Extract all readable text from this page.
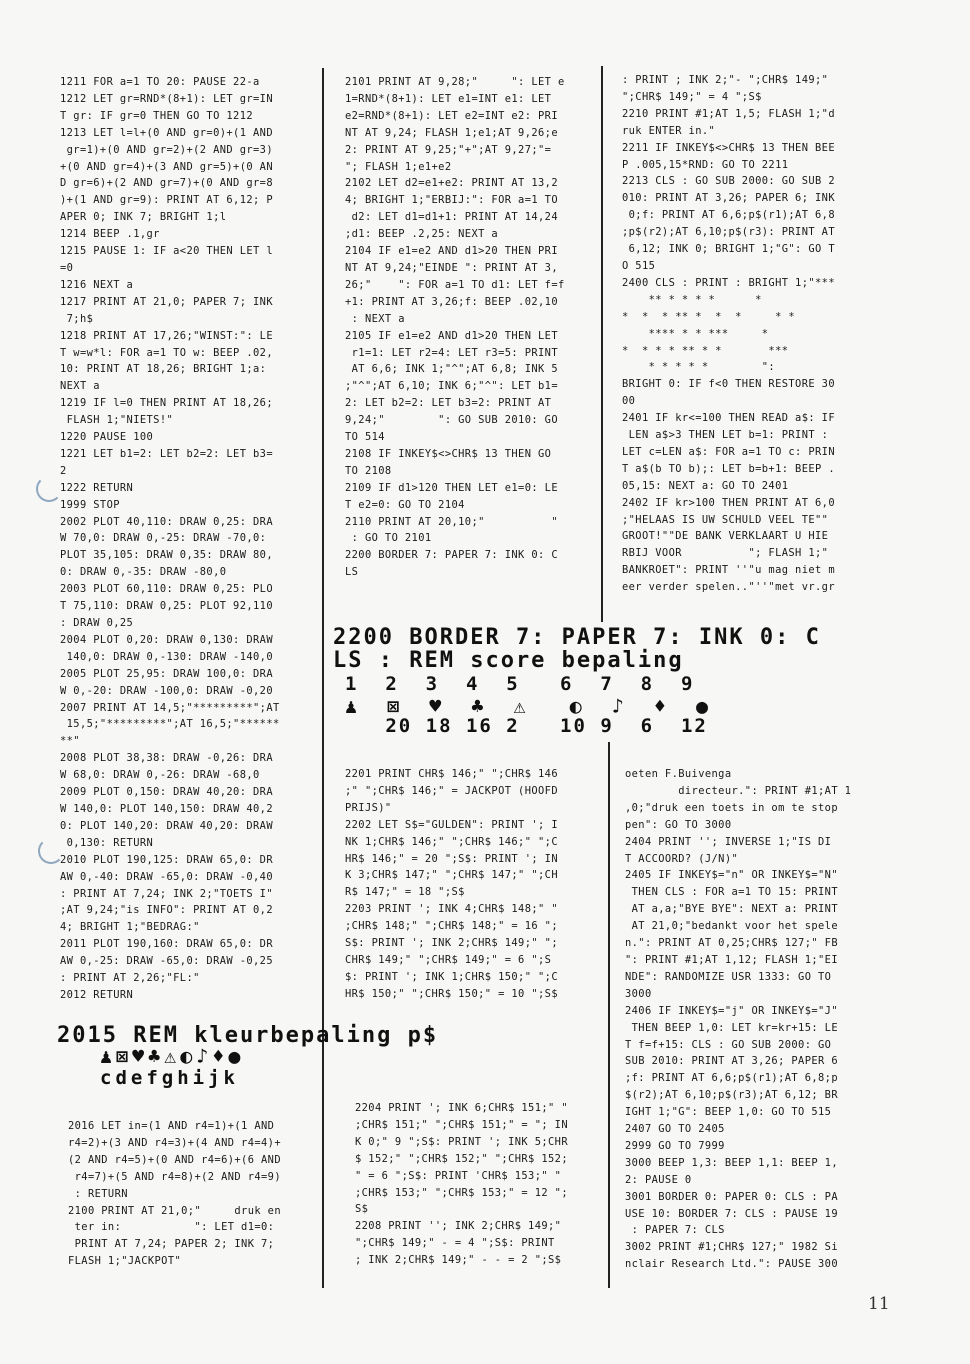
1211 FOR a=1 TO 20: PAUSE 22-a
1212 LET gr=RND*(8+1): LET gr=IN
T gr: IF gr=0 THEN GO TO 1212
1213 LET l=l+(0 AND gr=0)+(1 AND
gr=1)+(0 AND gr=2)+(2 AND gr=3)
+(0 AND gr=4)+(3 AND gr=5)+(0 AN
D gr=6)+(2 AND gr=7)+(0 AND gr=8
)+(1 AND gr=9): PRINT AT 6,12; P
APER 0; INK 7; BRIGHT 1;l
1214 BEEP .1,gr
1215 PAUSE 1: IF a<20 THEN LET l
=0
1216 NEXT a
1217 PRINT AT 21,0; PAPER 7; INK
7;h$
1218 PRINT AT 17,26;"WINST:": LE
T w=w*l: FOR a=1 TO w: BEEP .02,
10: PRINT AT 18,26; BRIGHT 1;a:
NEXT a
1219 IF l=0 THEN PRINT AT 18,26;
FLASH 1;"NIETS!"
1220 PAUSE 100
1221 LET b1=2: LET b2=2: LET b3=
2
1222 RETURN
1999 STOP
2002 PLOT 40,110: DRAW 0,25: DRA
W 70,0: DRAW 0,-25: DRAW -70,0:
PLOT 35,105: DRAW 0,35: DRAW 80,
0: DRAW 0,-35: DRAW -80,0
2003 PLOT 60,110: DRAW 0,25: PLO
T 75,110: DRAW 0,25: PLOT 92,110
: DRAW 0,25
2004 PLOT 0,20: DRAW 0,130: DRAW
140,0: DRAW 0,-130: DRAW -140,0
2005 PLOT 25,95: DRAW 100,0: DRA
W 0,-20: DRAW -100,0: DRAW -0,20
2007 PRINT AT 14,5;"*********";AT
15,5;"*********";AT 16,5;"******
**"
2008 PLOT 38,38: DRAW -0,26: DRA
W 68,0: DRAW 0,-26: DRAW -68,0
2009 PLOT 0,150: DRAW 40,20: DRA
W 140,0: PLOT 140,150: DRAW 40,2
0: PLOT 140,20: DRAW 40,20: DRAW
0,130: RETURN
2010 PLOT 190,125: DRAW 65,0: DR
AW 0,-40: DRAW -65,0: DRAW -0,40
: PRINT AT 7,24; INK 2;"TOETS I"
;AT 9,24;"is INFO": PRINT AT 0,2
4; BRIGHT 1;"BEDRAG:"
2011 PLOT 190,160: DRAW 65,0: DR
AW 0,-25: DRAW -65,0: DRAW -0,25
: PRINT AT 2,26;"FL:"
2012 RETURN
2016 LET in=(1 AND r4=1)+(1 AND
r4=2)+(3 AND r4=3)+(4 AND r4=4)+
(2 AND r4=5)+(0 AND r4=6)+(6 AND
r4=7)+(5 AND r4=8)+(2 AND r4=9)
: RETURN
2100 PRINT AT 21,0;"     druk en
ter in:           ": LET d1=0:
PRINT AT 7,24; PAPER 2; INK 7;
FLASH 1;"JACKPOT"
2101 PRINT AT 9,28;"     ": LET e
1=RND*(8+1): LET e1=INT e1: LET
e2=RND*(8+1): LET e2=INT e2: PRI
NT AT 9,24; FLASH 1;e1;AT 9,26;e
2: PRINT AT 9,25;"+";AT 9,27;"=
"; FLASH 1;e1+e2
2102 LET d2=e1+e2: PRINT AT 13,2
4; BRIGHT 1;"ERBIJ:": FOR a=1 TO
d2: LET d1=d1+1: PRINT AT 14,24
;d1: BEEP .2,25: NEXT a
2104 IF e1=e2 AND d1>20 THEN PRI
NT AT 9,24;"EINDE ": PRINT AT 3,
26;"    ": FOR a=1 TO d1: LET f=f
+1: PRINT AT 3,26;f: BEEP .02,10
: NEXT a
2105 IF e1=e2 AND d1>20 THEN LET
r1=1: LET r2=4: LET r3=5: PRINT
AT 6,6; INK 1;"^";AT 6,8; INK 5
;"^";AT 6,10; INK 6;"^": LET b1=
2: LET b2=2: LET b3=2: PRINT AT
9,24;"        ": GO SUB 2010: GO
TO 514
2108 IF INKEY$<>CHR$ 13 THEN GO
TO 2108
2109 IF d1>120 THEN LET e1=0: LE
T e2=0: GO TO 2104
2110 PRINT AT 20,10;"          "
: GO TO 2101
2200 BORDER 7: PAPER 7: INK 0: C
LS
2201 PRINT CHR$ 146;" ";CHR$ 146
;" ";CHR$ 146;" = JACKPOT (HOOFD
PRIJS)"
2202 LET S$="GULDEN": PRINT '; I
NK 1;CHR$ 146;" ";CHR$ 146;" ";C
HR$ 146;" = 20 ";S$: PRINT '; IN
K 3;CHR$ 147;" ";CHR$ 147;" ";CH
R$ 147;" = 18 ";S$
2203 PRINT '; INK 4;CHR$ 148;" "
;CHR$ 148;" ";CHR$ 148;" = 16 ";
S$: PRINT '; INK 2;CHR$ 149;" ";
CHR$ 149;" ";CHR$ 149;" = 6 ";S
$: PRINT '; INK 1;CHR$ 150;" ";C
HR$ 150;" ";CHR$ 150;" = 10 ";S$
2204 PRINT '; INK 6;CHR$ 151;" "
;CHR$ 151;" ";CHR$ 151;" = "; IN
K 0;" 9 ";S$: PRINT '; INK 5;CHR
$ 152;" ";CHR$ 152;" ";CHR$ 152;
" = 6 ";S$: PRINT 'CHR$ 153;" "
;CHR$ 153;" ";CHR$ 153;" = 12 ";
S$
2208 PRINT ''; INK 2;CHR$ 149;"
";CHR$ 149;" - = 4 ";S$: PRINT
; INK 2;CHR$ 149;" - - = 2 ";S$
: PRINT ; INK 2;"- ";CHR$ 149;"
";CHR$ 149;" = 4 ";S$
2210 PRINT #1;AT 1,5; FLASH 1;"d
ruk ENTER in."
2211 IF INKEY$<>CHR$ 13 THEN BEE
P .005,15*RND: GO TO 2211
2213 CLS : GO SUB 2000: GO SUB 2
010: PRINT AT 3,26; PAPER 6; INK
0;f: PRINT AT 6,6;p$(r1);AT 6,8
;p$(r2);AT 6,10;p$(r3): PRINT AT
6,12; INK 0; BRIGHT 1;"G": GO T
O 515
2400 CLS : PRINT : BRIGHT 1;"***
** * * * *      *
*  *  * ** *  *  *     * *
**** * * ***     *
*  * * * ** * *       ***
* * * * *        ":
BRIGHT 0: IF f<0 THEN RESTORE 30
00
2401 IF kr<=100 THEN READ a$: IF
LEN a$>3 THEN LET b=1: PRINT :
LET c=LEN a$: FOR a=1 TO c: PRIN
T a$(b TO b);: LET b=b+1: BEEP .
05,15: NEXT a: GO TO 2401
2402 IF kr>100 THEN PRINT AT 6,0
;"HELAAS IS UW SCHULD VEEL TE""
GROOT!""DE BANK VERKLAART U HIE
RBIJ VOOR          "; FLASH 1;"
BANKROET": PRINT ''"u mag niet m
eer verder spelen.."''"met vr.gr
oeten F.Buivenga
directeur.": PRINT #1;AT 1
,0;"druk een toets in om te stop
pen": GO TO 3000
2404 PRINT ''; INVERSE 1;"IS DI
T ACCOORD? (J/N)"
2405 IF INKEY$="n" OR INKEY$="N"
THEN CLS : FOR a=1 TO 15: PRINT
AT a,a;"BYE BYE": NEXT a: PRINT
AT 21,0;"bedankt voor het spele
n.": PRINT AT 0,25;CHR$ 127;" FB
": PRINT #1;AT 1,12; FLASH 1;"EI
NDE": RANDOMIZE USR 1333: GO TO
3000
2406 IF INKEY$="j" OR INKEY$="J"
THEN BEEP 1,0: LET kr=kr+15: LE
T f=f+15: CLS : GO SUB 2000: GO
SUB 2010: PRINT AT 3,26; PAPER 6
;f: PRINT AT 6,6;p$(r1);AT 6,8;p
$(r2);AT 6,10;p$(r3);AT 6,12; BR
IGHT 1;"G": BEEP 1,0: GO TO 515
2407 GO TO 2405
2999 GO TO 7999
3000 BEEP 1,3: BEEP 1,1: BEEP 1,
2: PAUSE 0
3001 BORDER 0: PAPER 0: CLS : PA
USE 10: BORDER 7: CLS : PAUSE 19
: PAPER 7: CLS
3002 PRINT #1;CHR$ 127;" 1982 Si
nclair Research Ltd.": PAUSE 300
2200 BORDER 7: PAPER 7: INK 0: C
LS : REM score bepaling
1  2  3  4  5   6  7  8  9
♟  ⊠  ♥  ♣  ⚠   ◐  ♪  ♦  ●
20 18 16 2   10 9  6  12
2015 REM kleurbepaling p$
♟⊠♥♣⚠◐♪♦●
cdefghijk

11
